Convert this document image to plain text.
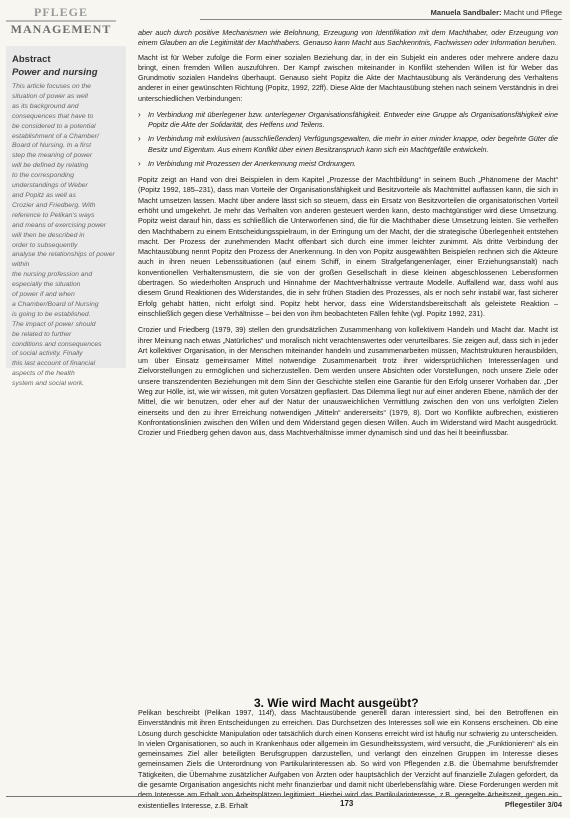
PFLEGE
MANAGEMENT
Manuela Sandbaler: Macht und Pflege
Abstract
Power and nursing

This article focuses on the
situation of power as well
as its background and
consequences that have to
be considered to a potential
establishment of a Chamber/
Board of Nursing. In a first
step the meaning of power
will be defined by relating
to the corresponding
understandings of Weber
and Popitz as well as
Crozier and Friedberg. With
reference to Pelikan's ways
and means of exercising power
will then be described in
order to subsequently
analyse the relationships of power within
the nursing profession and
especially the situation
of power if and when
a Chamber/Board of Nursing
is going to be established.
The impact of power should
be related to further
conditions and consequences
of social activity. Finally
this last account of financial
aspects of the health
system and social work.

aber auch durch positive Mechanismen wie Belohnung, Erzeugung von Identifikation mit dem Machthaber, oder Erzeugung von einem Glauben an die Legitimität der Machthabers. Genauso kann Macht aus Sachkenntnis, Fachwissen oder Information beruhen.

Macht ist für Weber zufolge die Form einer sozialen Beziehung dar, in der ein Subjekt ein anderes oder mehrere andere dazu bringt, einen fremden Willen auszuführen. Der Kampf zwischen miteinander in Konflikt stehenden Willen ist für Weber das Grundmotiv sozialen Handelns überhaupt. Genauso sieht Popitz die Akte der Machtausübung als Veränderung des Verhaltens anderer in einer gewünschten Richtung (Popitz, 1992, 22ff). Diese Akte der Machtausübung stehen nach seinem Verständnis in drei unterschiedlichen Verbindungen:

› In Verbindung mit überlegener bzw. unterlegener Organisationsfähigkeit. Entweder eine Gruppe als Organisationsfähigkeit eine Popitz die Akte der Solidarität, des Helfens und Teilens.
› In Verbindung mit exklusiven (ausschließenden) Verfügungsgewalten, die mehr in einer minder knappe, oder begehrte Güter die Besitz und Eigentum. Aus einem Konflikt über einen Besitzanspruch kann sich ein Machtgefälle entwickeln.
› In Verbindung mit Prozessen der Anerkennung meist Ordnungen.

Popitz zeigt an Hand von drei Beispielen in dem Kapitel „Prozesse der Machtbildung“ in seinem Buch „Phänomene der Macht“ (Popitz 1992, 185–231), dass man Vorteile der Organisationsfähigkeit und Besitzvorteile als Machtmittel auffassen kann, die sich in Macht umsetzen lassen. Macht über andere lässt sich so steuern, dass ein Ersatz von Besitzvorteilen die organisatorischen Vorteil erhöht und umgekehrt. Je mehr das Verhalten von anderen gesteuert werden kann, desto machtgünstiger wird diese Umsetzung. Popitz weist darauf hin, dass es schließlich die Unterworfenen sind, die für die Machthaber diese Umsetzung leisten. Sie verhelfen den Machthabern zu einem Entscheidungsspielraum, in der Erringung um der Macht, der die strategische Überlegenheit entstehen macht. Der Prozess der zunehmenden Macht offenbart sich durch eine immer leichter zunimmt. Als dritte Verbindung der Machtausübung nennt Popitz den Prozess der Anerkennung. In den von Popitz ausgewählten Beispielen rechnen sich die Akteure auch in ihren neuen Lebenssituationen (auf einem Schiff, in einem Strafgefangenenlager, einer Erziehungsanstalt) nach konventionellen Verhaltensmustern, die sie von der großen Gesellschaft in diese kleinen abgeschlossenen Lebensformen übertragen. So wiederholten Anspruch und Hinnahme der Machtverhältnisse vertraute Modelle. Auffallend war, dass wohl aus diesem Grund Reaktionen des Widerstandes, die in sehr frühen Stadien des Prozesses, als er noch sehr instabil war, fast sicherer Erfolg gehabt hätten, nicht erfolgt sind. Popitz hebt hervor, dass eine Widerstandsbereitschaft als geleistete Reaktion – einschließlich gegen diese Verhältnisse – bei den von ihm beobachteten Fällen fehlte (vgl. Popitz 1992, 231).

Crozier und Friedberg (1979, 39) stellen den grundsätzlichen Zusammenhang von kollektivem Handeln und Macht dar. Macht ist ihrer Meinung nach etwas „Natürliches“ und moralisch nicht verachtenswertes oder verurteilbares. Sie zeigen auf, dass sich in jeder Art kollektiver Organisation, in der Menschen miteinander handeln und zusammenarbeiten müssen, Machtstrukturen herausbilden, um über Einsatz gemeinsamer Mittel notwendige Zusammenarbeit trotz ihrer widersprüchlichen Interessenlagen und Zielvorstellungen zu ermöglichen und sicherzustellen. Dem werden unsere Absichten oder Vorstellungen, noch unsere Ziele oder unsere transzendenten Beziehungen mit dem Sinn der Geschichte stellen eine Garantie für den Erfolg unserer Vorhaben dar. „Der Weg zur Hölle, ist, wie wir wissen, mit guten Vorsätzen gepflastert. Das Dilemma liegt nur auf einer anderen Ebene, nämlich der der Mittel, die wir benutzen, oder eher auf der Natur der unausweichlichen Vermittlung zwischen den von uns verfolgten Zielen einerseits und den zu ihrer Erreichung notwendigen „Mitteln“ andererseits“ (1979, 8). Dort wo Konflikte aufbrechen, existieren Konfrontationslinien zwischen den Willen und dem Widerstand gegen diesen Willen. Auch im Widerstand wird Macht ausgedrückt. Crozier und Friedberg gehen davon aus, dass Machtverhältnisse immer dynamisch sind und das hei lt beeinflussbar.

3. Wie wird Macht ausgeübt?

Pelikan beschreibt (Pelikan 1997, 114f), dass Machtausübende generell daran interessiert sind, bei den Betroffenen ein Einverständnis mit ihren Entscheidungen zu erreichen. Das Durchsetzen des Interesses soll wie ein Konsens erscheinen. Ob eine Lösung durch geschickte Manipulation oder tatsächlich durch einen Konsens erreicht wird ist häufig nur schwierig zu unterscheiden. In vielen Organisationen, so auch in Krankenhaus oder allgemein im Gesundheitssystem, wird versucht, die „Funktionieren“ als ein gemeinsames Ziel aller beteiligten Berufsgruppen darzustellen, und verlangt den einzelnen Gruppen im Interesse dieses gemeinsamen Ziels die Unterordnung von Partikularinteressen ab. So wird von Pflegenden z.B. die Übernahme berufsfremder Tätigkeiten, die Übernahme zusätzlicher Aufgaben von Ärzten oder hauptsächlich der Verzicht auf finanzielle Zulagen gefordert, da die gesamte Organisation angesichts nicht mehr finanzierbar und damit nicht überlebensfähig wäre. Diese Forderungen werden mit dem Interesse am Erhalt von Arbeitsplätzen legitimiert. Hierbei wird das Partikularinteresse, z.B. geregelte Arbeitszeit, gegen ein existentielles Interesse, z.B. Erhalt	173	Pflegestiler 3/04
